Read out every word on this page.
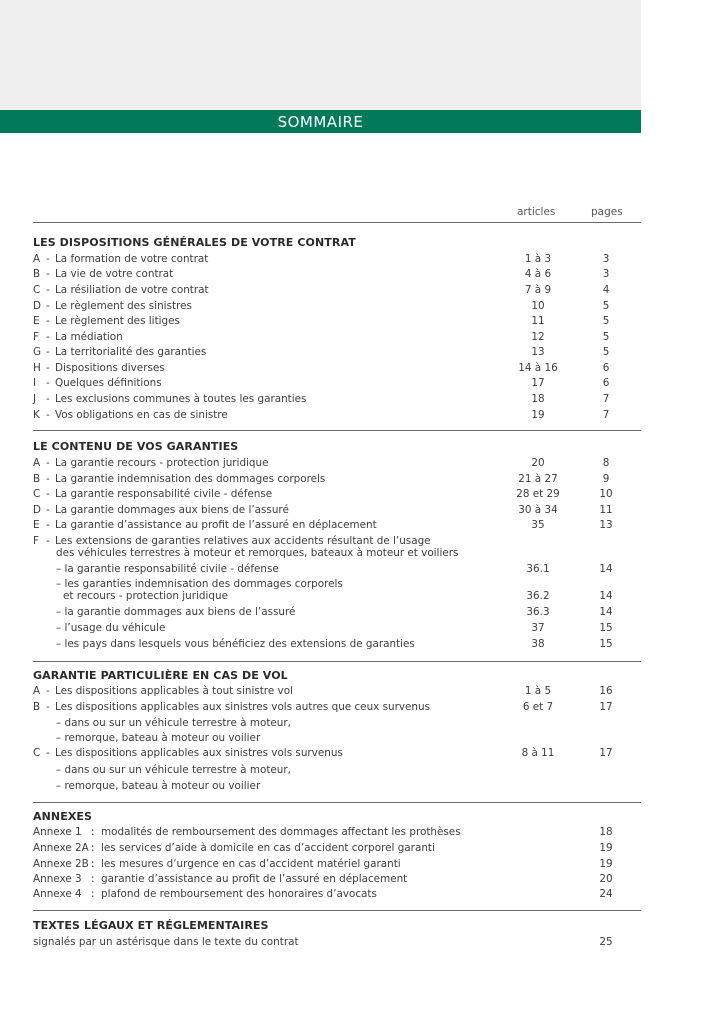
SOMMAIRE
articles	pages
LES DISPOSITIONS GÉNÉRALES DE VOTRE CONTRAT
A - La formation de votre contrat	1 à 3	3
B - La vie de votre contrat	4 à 6	3
C - La résiliation de votre contrat	7 à 9	4
D - Le règlement des sinistres	10	5
E - Le règlement des litiges	11	5
F - La médiation	12	5
G - La territorialité des garanties	13	5
H - Dispositions diverses	14 à 16	6
I - Quelques définitions	17	6
J - Les exclusions communes à toutes les garanties	18	7
K - Vos obligations en cas de sinistre	19	7
LE CONTENU DE VOS GARANTIES
A - La garantie recours - protection juridique	20	8
B - La garantie indemnisation des dommages corporels	21 à 27	9
C - La garantie responsabilité civile - défense	28 et 29	10
D - La garantie dommages aux biens de l’assuré	30 à 34	11
E - La garantie d’assistance au profit de l’assuré en déplacement	35	13
F - Les extensions de garanties relatives aux accidents résultant de l’usage
des véhicules terrestres à moteur et remorques, bateaux à moteur et voiliers
– la garantie responsabilité civile - défense	36.1	14
– les garanties indemnisation des dommages corporels
et recours - protection juridique	36.2	14
– la garantie dommages aux biens de l’assuré	36.3	14
– l’usage du véhicule	37	15
– les pays dans lesquels vous bénéficiez des extensions de garanties	38	15
GARANTIE PARTICULIÈRE EN CAS DE VOL
A - Les dispositions applicables à tout sinistre vol	1 à 5	16
B - Les dispositions applicables aux sinistres vols autres que ceux survenus	6 et 7	17
– dans ou sur un véhicule terrestre à moteur,
– remorque, bateau à moteur ou voilier
C - Les dispositions applicables aux sinistres vols survenus	8 à 11	17
– dans ou sur un véhicule terrestre à moteur,
– remorque, bateau à moteur ou voilier
ANNEXES
Annexe 1 : modalités de remboursement des dommages affectant les prothèses	18
Annexe 2A : les services d’aide à domicile en cas d’accident corporel garanti	19
Annexe 2B : les mesures d’urgence en cas d’accident matériel garanti	19
Annexe 3 : garantie d’assistance au profit de l’assuré en déplacement	20
Annexe 4 : plafond de remboursement des honoraires d’avocats	24
TEXTES LÉGAUX ET RÉGLEMENTAIRES
signalés par un astérisque dans le texte du contrat	25
